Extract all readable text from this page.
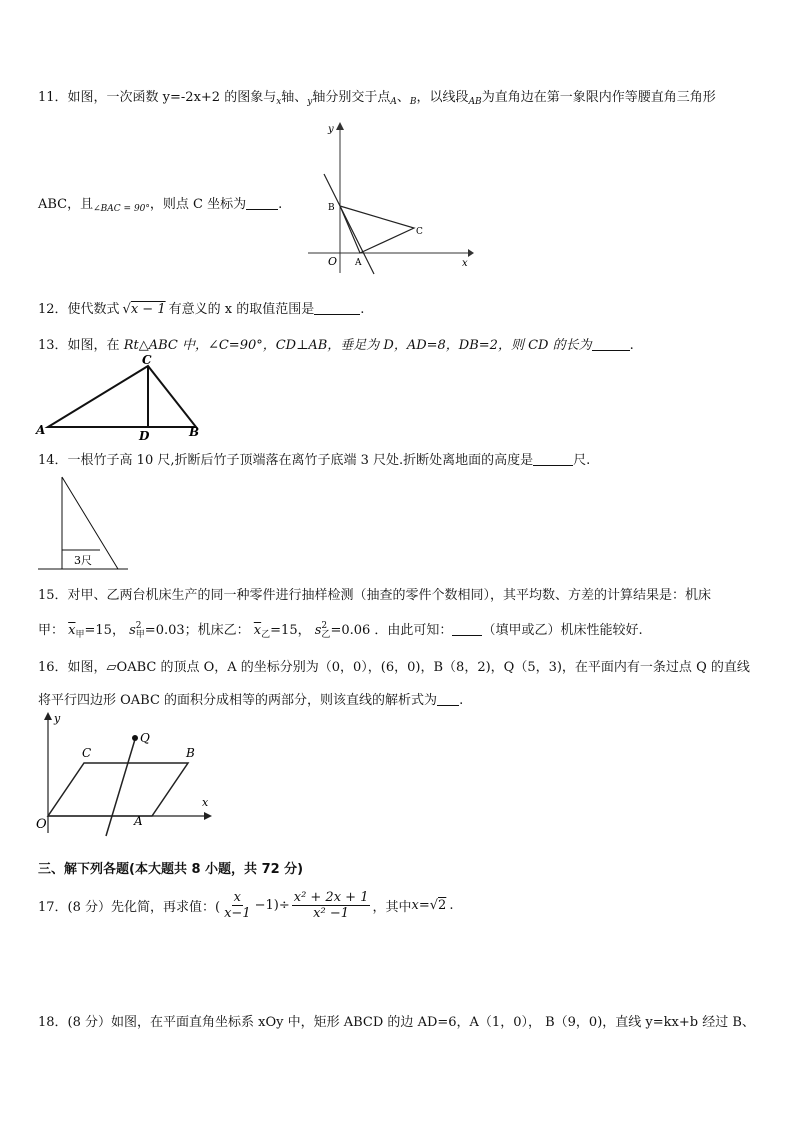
11．如图，一次函数 y=-2x+2 的图象与$_x$轴、$_y$轴分别交于点$_A$、$_B$，以线段$_{AB}$为直角边在第一象限内作等腰直角三角形
y
x
O A
B
C
ABC，且$_{\angle BAC = 90^\circ}$，则点 C 坐标为 .
12．使代数式 √x − 1 有意义的 x 的取值范围是	.
13．如图，在 Rt△ABC 中，∠C=90°，CD⊥AB，垂足为 D，AD=8，DB=2，则 CD 的长为	.
A	B
C
D
14．一根竹子高 10 尺,折断后竹子顶端落在离竹子底端 3 尺处.折断处离地面的高度是	尺.
3尺
15．对甲、乙两台机床生产的同一种零件进行抽样检测（抽查的零件个数相同），其平均数、方差的计算结果是：机床
甲： $\overline{x}_甲=15$， s 2
甲 =0.03；机床乙： $\overline{x}_乙=15$， s 2
乙 =0.06 ．由此可知： （填甲或乙）机床性能较好.
16．如图，▱OABC 的顶点 O，A 的坐标分别为（0，0），(6，0)，B（8，2)，Q（5，3)，在平面内有一条过点 Q 的直线
将平行四边形 OABC 的面积分成相等的两部分，则该直线的解析式为 .
y
x
O	A
B
C
Q
三、解下列各题(本大题共 8 小题，共 72 分)
17．(8 分）先化简，再求值：( $\frac{x}{x-1} -1)\div \frac{\text{x² + 2x + 1}}{\text{x² −1}}$ ，其中 x = √2 .
18．(8 分）如图，在平面直角坐标系 xOy 中，矩形 ABCD 的边 AD=6，A（1，0）， B（9，0)，直线 y=kx+b 经过 B、
